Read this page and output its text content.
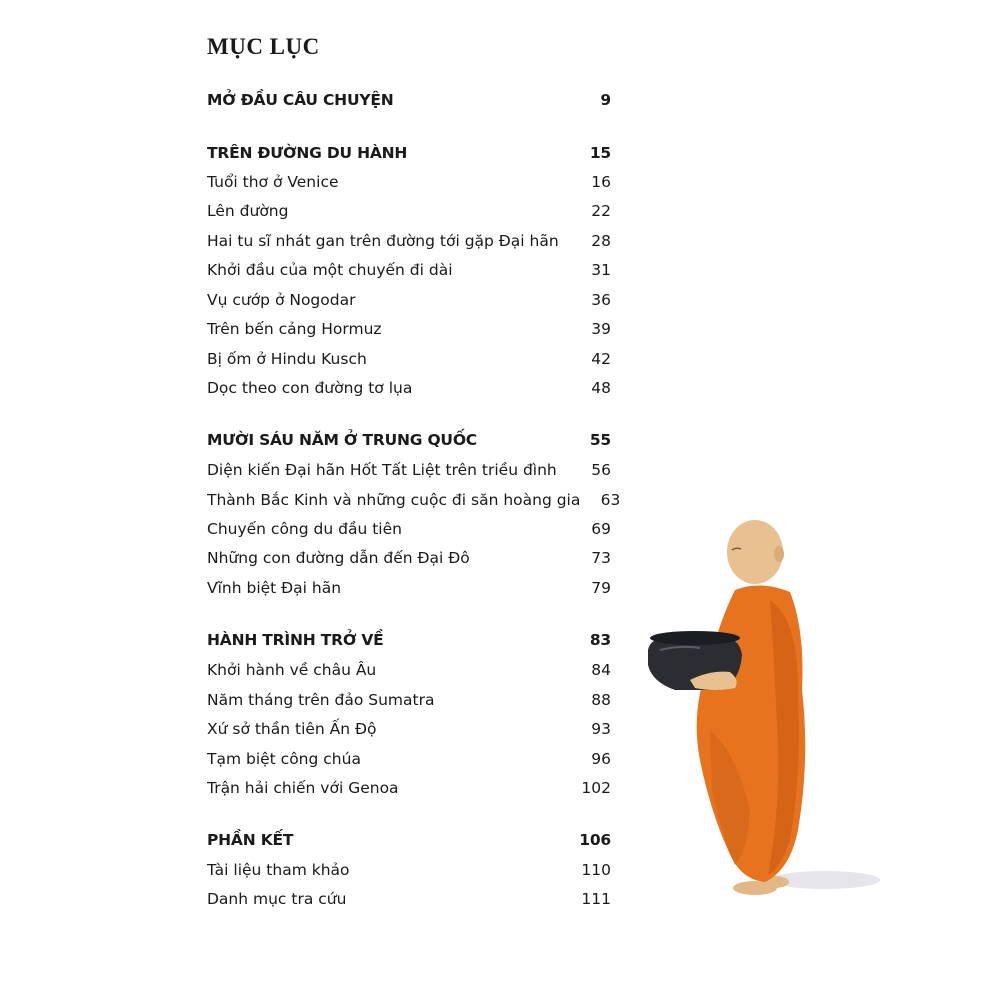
MỤC LỤC
MỞ ĐẦU CÂU CHUYỆN	9
TRÊN ĐƯỜNG DU HÀNH	15
Tuổi thơ ở Venice	16
Lên đường	22
Hai tu sĩ nhát gan trên đường tới gặp Đại hãn	28
Khởi đầu của một chuyến đi dài	31
Vụ cướp ở Nogodar	36
Trên bến cảng Hormuz	39
Bị ốm ở Hindu Kusch	42
Dọc theo con đường tơ lụa	48
MƯỜI SÁU NĂM Ở TRUNG QUỐC	55
Diện kiến Đại hãn Hốt Tất Liệt trên triều đình	56
Thành Bắc Kinh và những cuộc đi săn hoàng gia	63
Chuyến công du đầu tiên	69
Những con đường dẫn đến Đại Đô	73
Vĩnh biệt Đại hãn	79
HÀNH TRÌNH TRỞ VỀ	83
Khởi hành về châu Âu	84
Năm tháng trên đảo Sumatra	88
Xứ sở thần tiên Ấn Độ	93
Tạm biệt công chúa	96
Trận hải chiến với Genoa	102
PHẦN KẾT	106
Tài liệu tham khảo	110
Danh mục tra cứu	111
